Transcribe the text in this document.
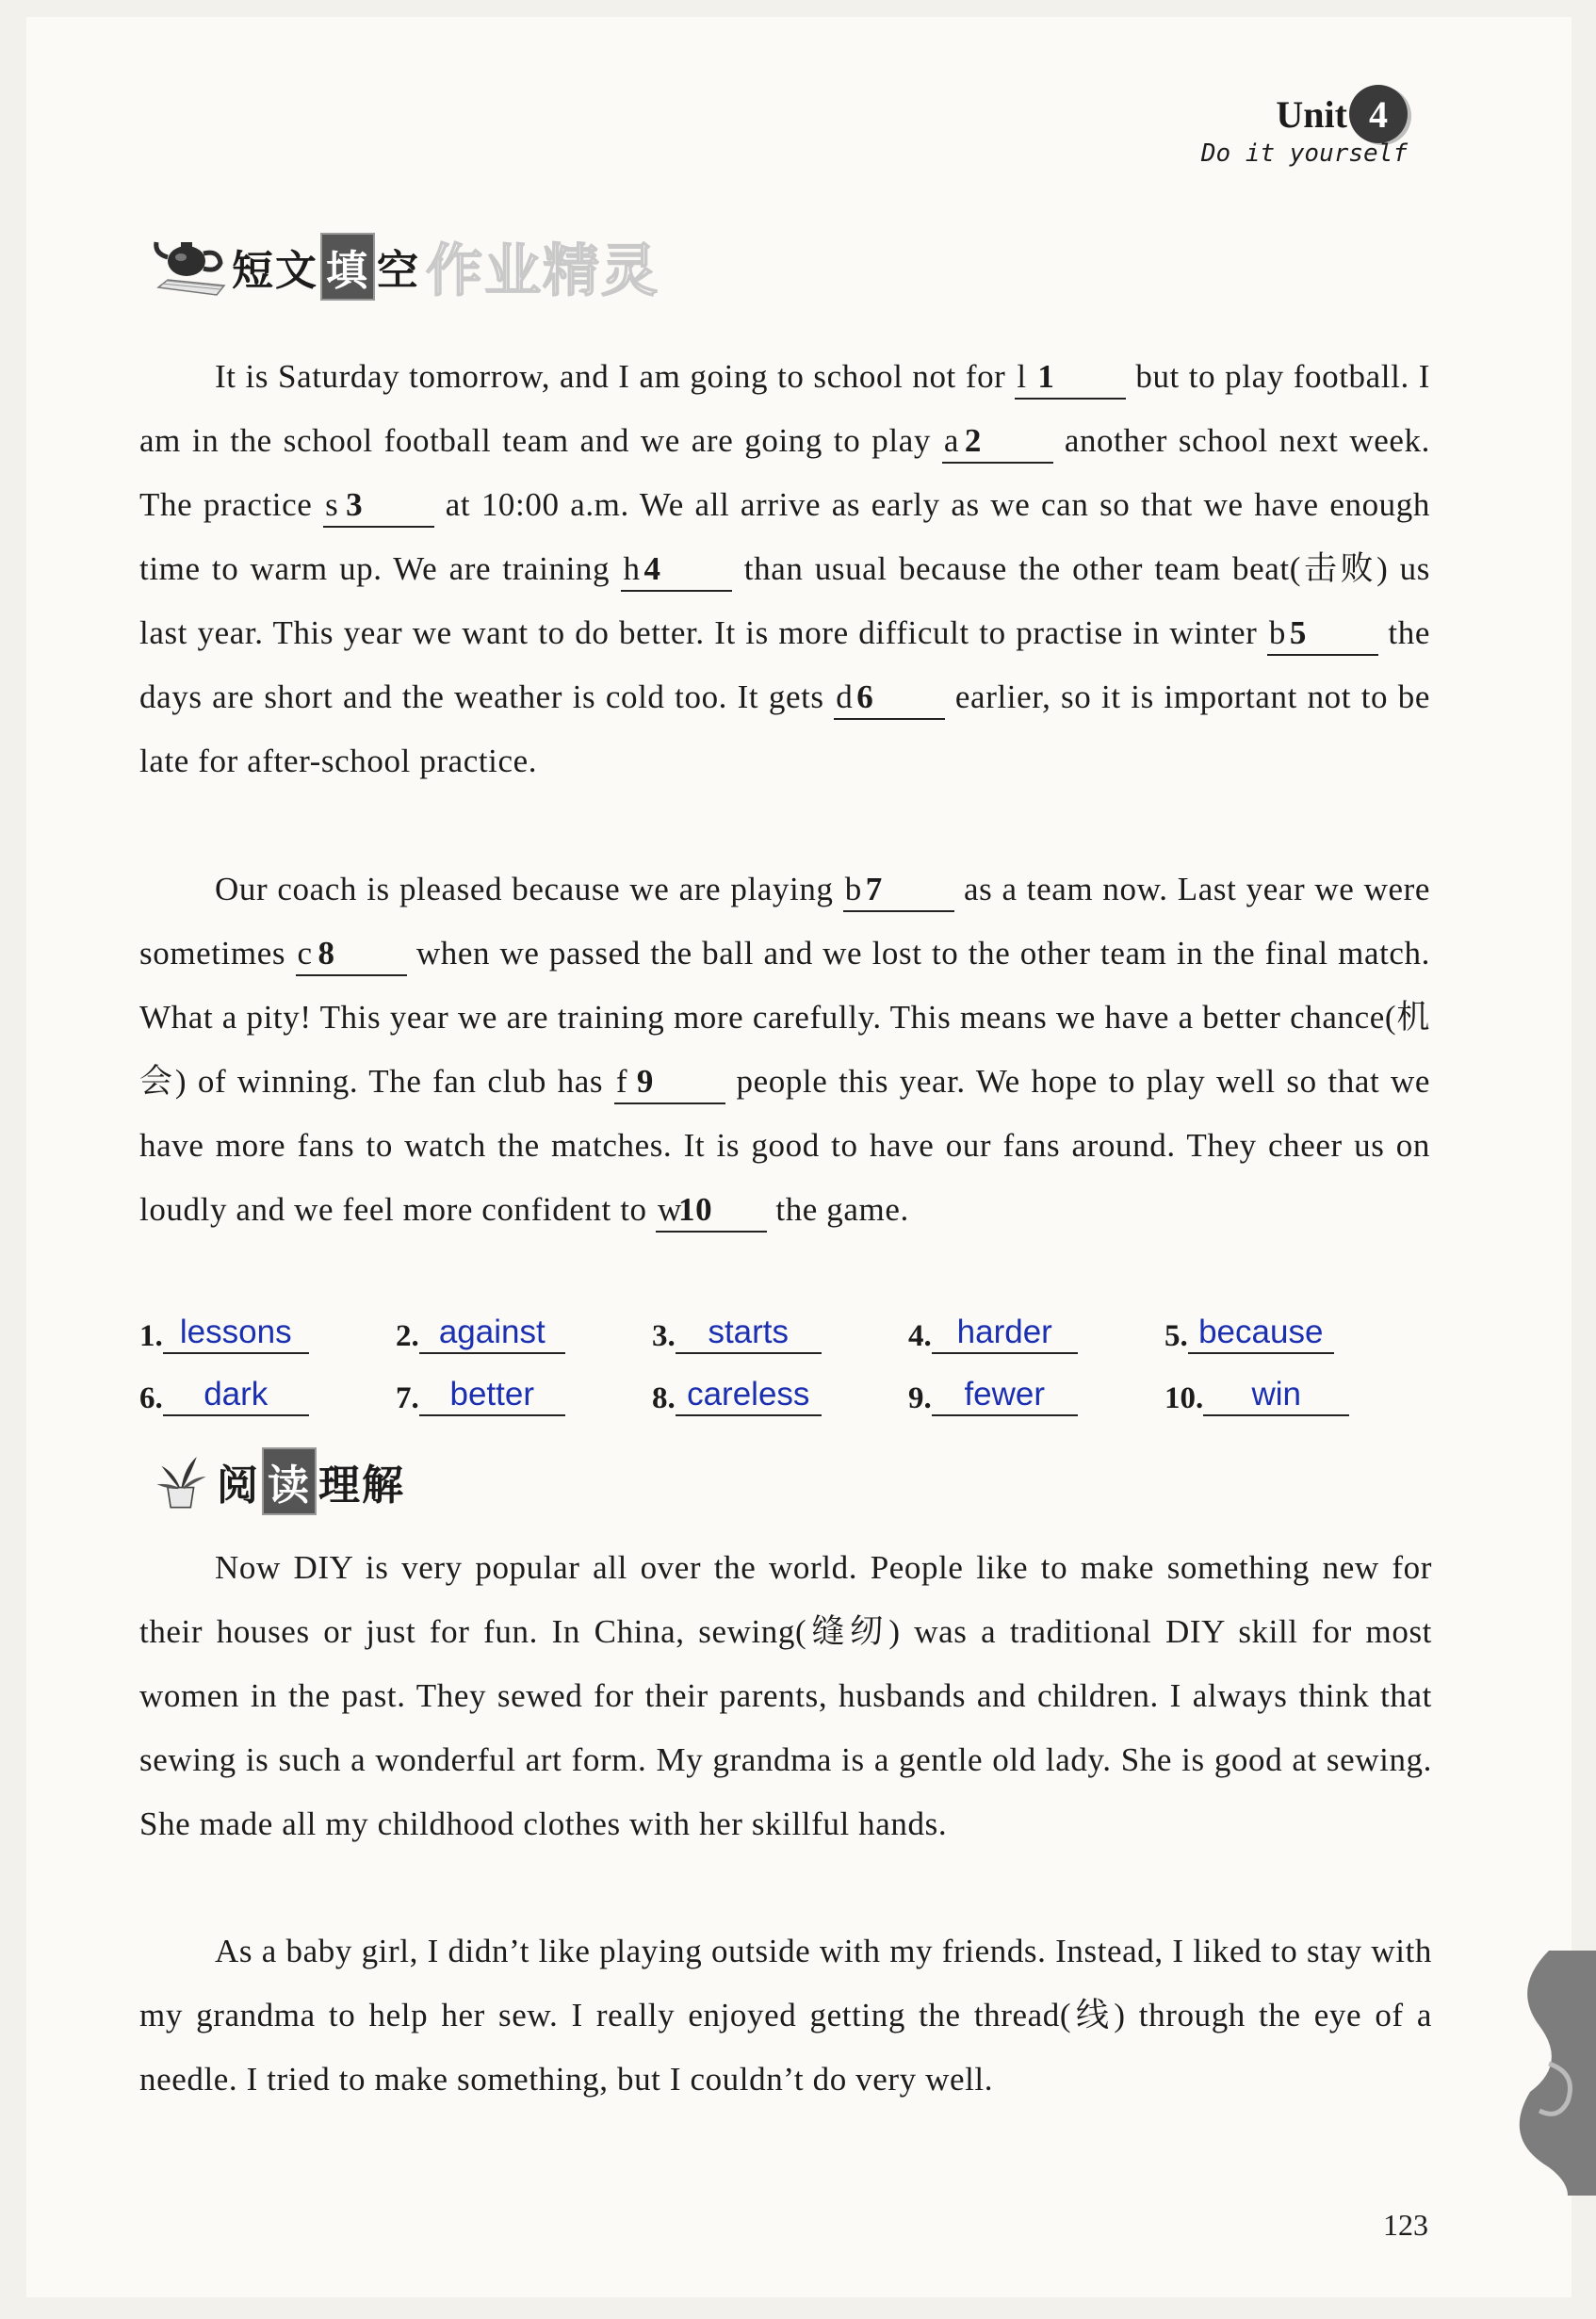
Unit 4
Do it yourself
短文 填 空 作业精灵
It is Saturday tomorrow, and I am going to school not for l 1 but to play football. I am in the school football team and we are going to play a 2	another school next week. The practice s 3	at 10:00 a.m. We all arrive as early as we can so that we have enough time to warm up. We are training h 4	than usual because the other team beat(击败) us last year. This year we want to do better. It is more difficult to practise in winter b 5 the days are short and the weather is cold too. It gets d 6 earlier, so it is important not to be late for after-school practice.
Our coach is pleased because we are playing b 7 as a team now. Last year we were sometimes c 8 when we passed the ball and we lost to the other team in the final match. What a pity! This year we are training more carefully. This means we have a better chance(机会) of winning. The fan club has f 9	people this year. We hope to play well so that we have more fans to watch the matches. It is good to have our fans around. They cheer us on loudly and we feel more confident to w10 the game.
1. lessons	2. against	3. starts	4. harder	5. because
6.	dark	7. better	8. careless	9. fewer	10.	win
阅 读 理解
Now DIY is very popular all over the world. People like to make something new for their houses or just for fun. In China, sewing(缝纫) was a traditional DIY skill for most women in the past. They sewed for their parents, husbands and children. I always think that sewing is such a wonderful art form. My grandma is a gentle old lady. She is good at sewing. She made all my childhood clothes with her skillful hands.
As a baby girl, I didn’t like playing outside with my friends. Instead, I liked to stay with my grandma to help her sew. I really enjoyed getting the thread(线) through the eye of a needle. I tried to make something, but I couldn’t do very well.
123
